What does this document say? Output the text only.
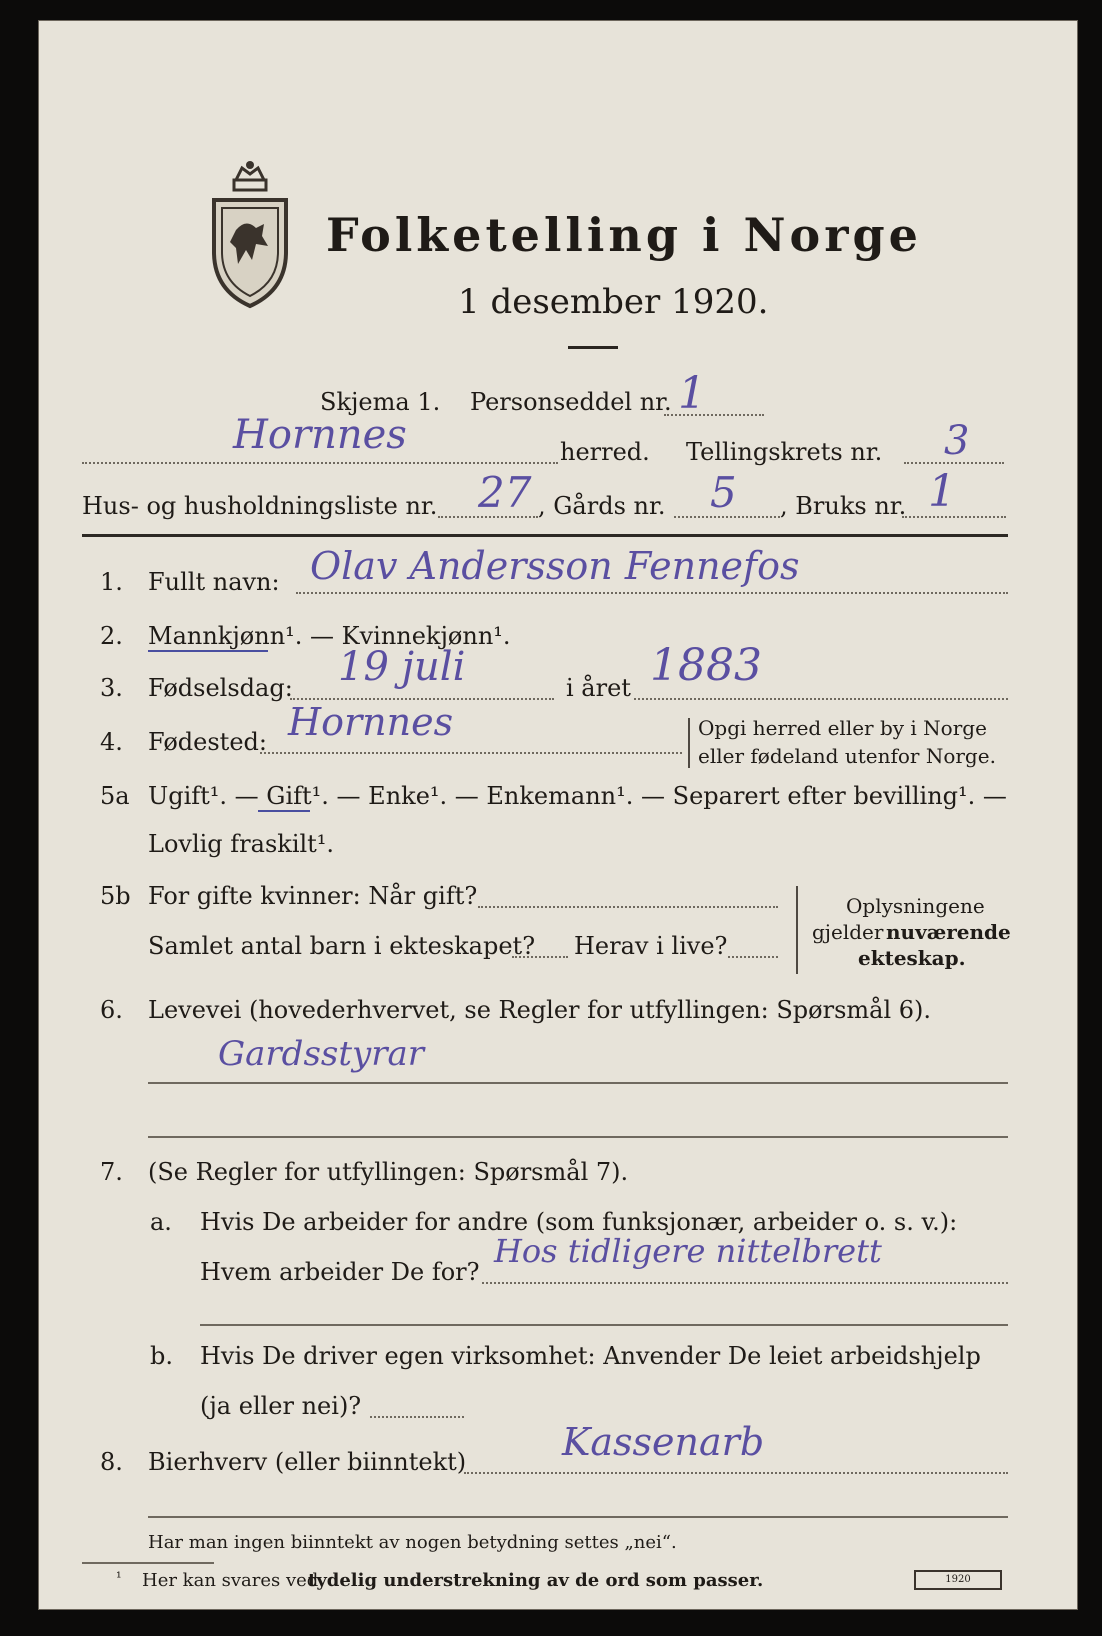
Folketelling i Norge
1 desember 1920.
Skjema 1. Personseddel nr. 1
Hornnes	herred. Tellingskrets nr. 3
Hus- og husholdningsliste nr. 27 , Gårds nr. 5 , Bruks nr. 1
1. Fullt navn: Olav Andersson Fennefos
2. Mannkjønn¹. — Kvinnekjønn¹.
3. Fødselsdag: 19 juli	i året 1883
4. Fødested: Hornnes	Opgi herred eller by i Norge
eller fødeland utenfor Norge.
5a Ugift¹. — Gift¹. — Enke¹. — Enkemann¹. — Separert efter bevilling¹. —
Lovlig fraskilt¹.
5b For gifte kvinner: Når gift?
Samlet antal barn i ekteskapet? Herav i live?
Oplysningene
gjelder nuværende
ekteskap.
6. Levevei (hovederhvervet, se Regler for utfyllingen: Spørsmål 6).
Gardsstyrar
7. (Se Regler for utfyllingen: Spørsmål 7).
a. Hvis De arbeider for andre (som funksjonær, arbeider o. s. v.):
Hvem arbeider De for?
Hos tidligere nittelbrett
b. Hvis De driver egen virksomhet: Anvender De leiet arbeidshjelp
(ja eller nei)?
8. Bierhverv (eller biinntekt)	Kassenarb
Har man ingen biinntekt av nogen betydning settes „nei“.
¹ Her kan svares ved
tydelig understrekning av de ord som passer.	1920
